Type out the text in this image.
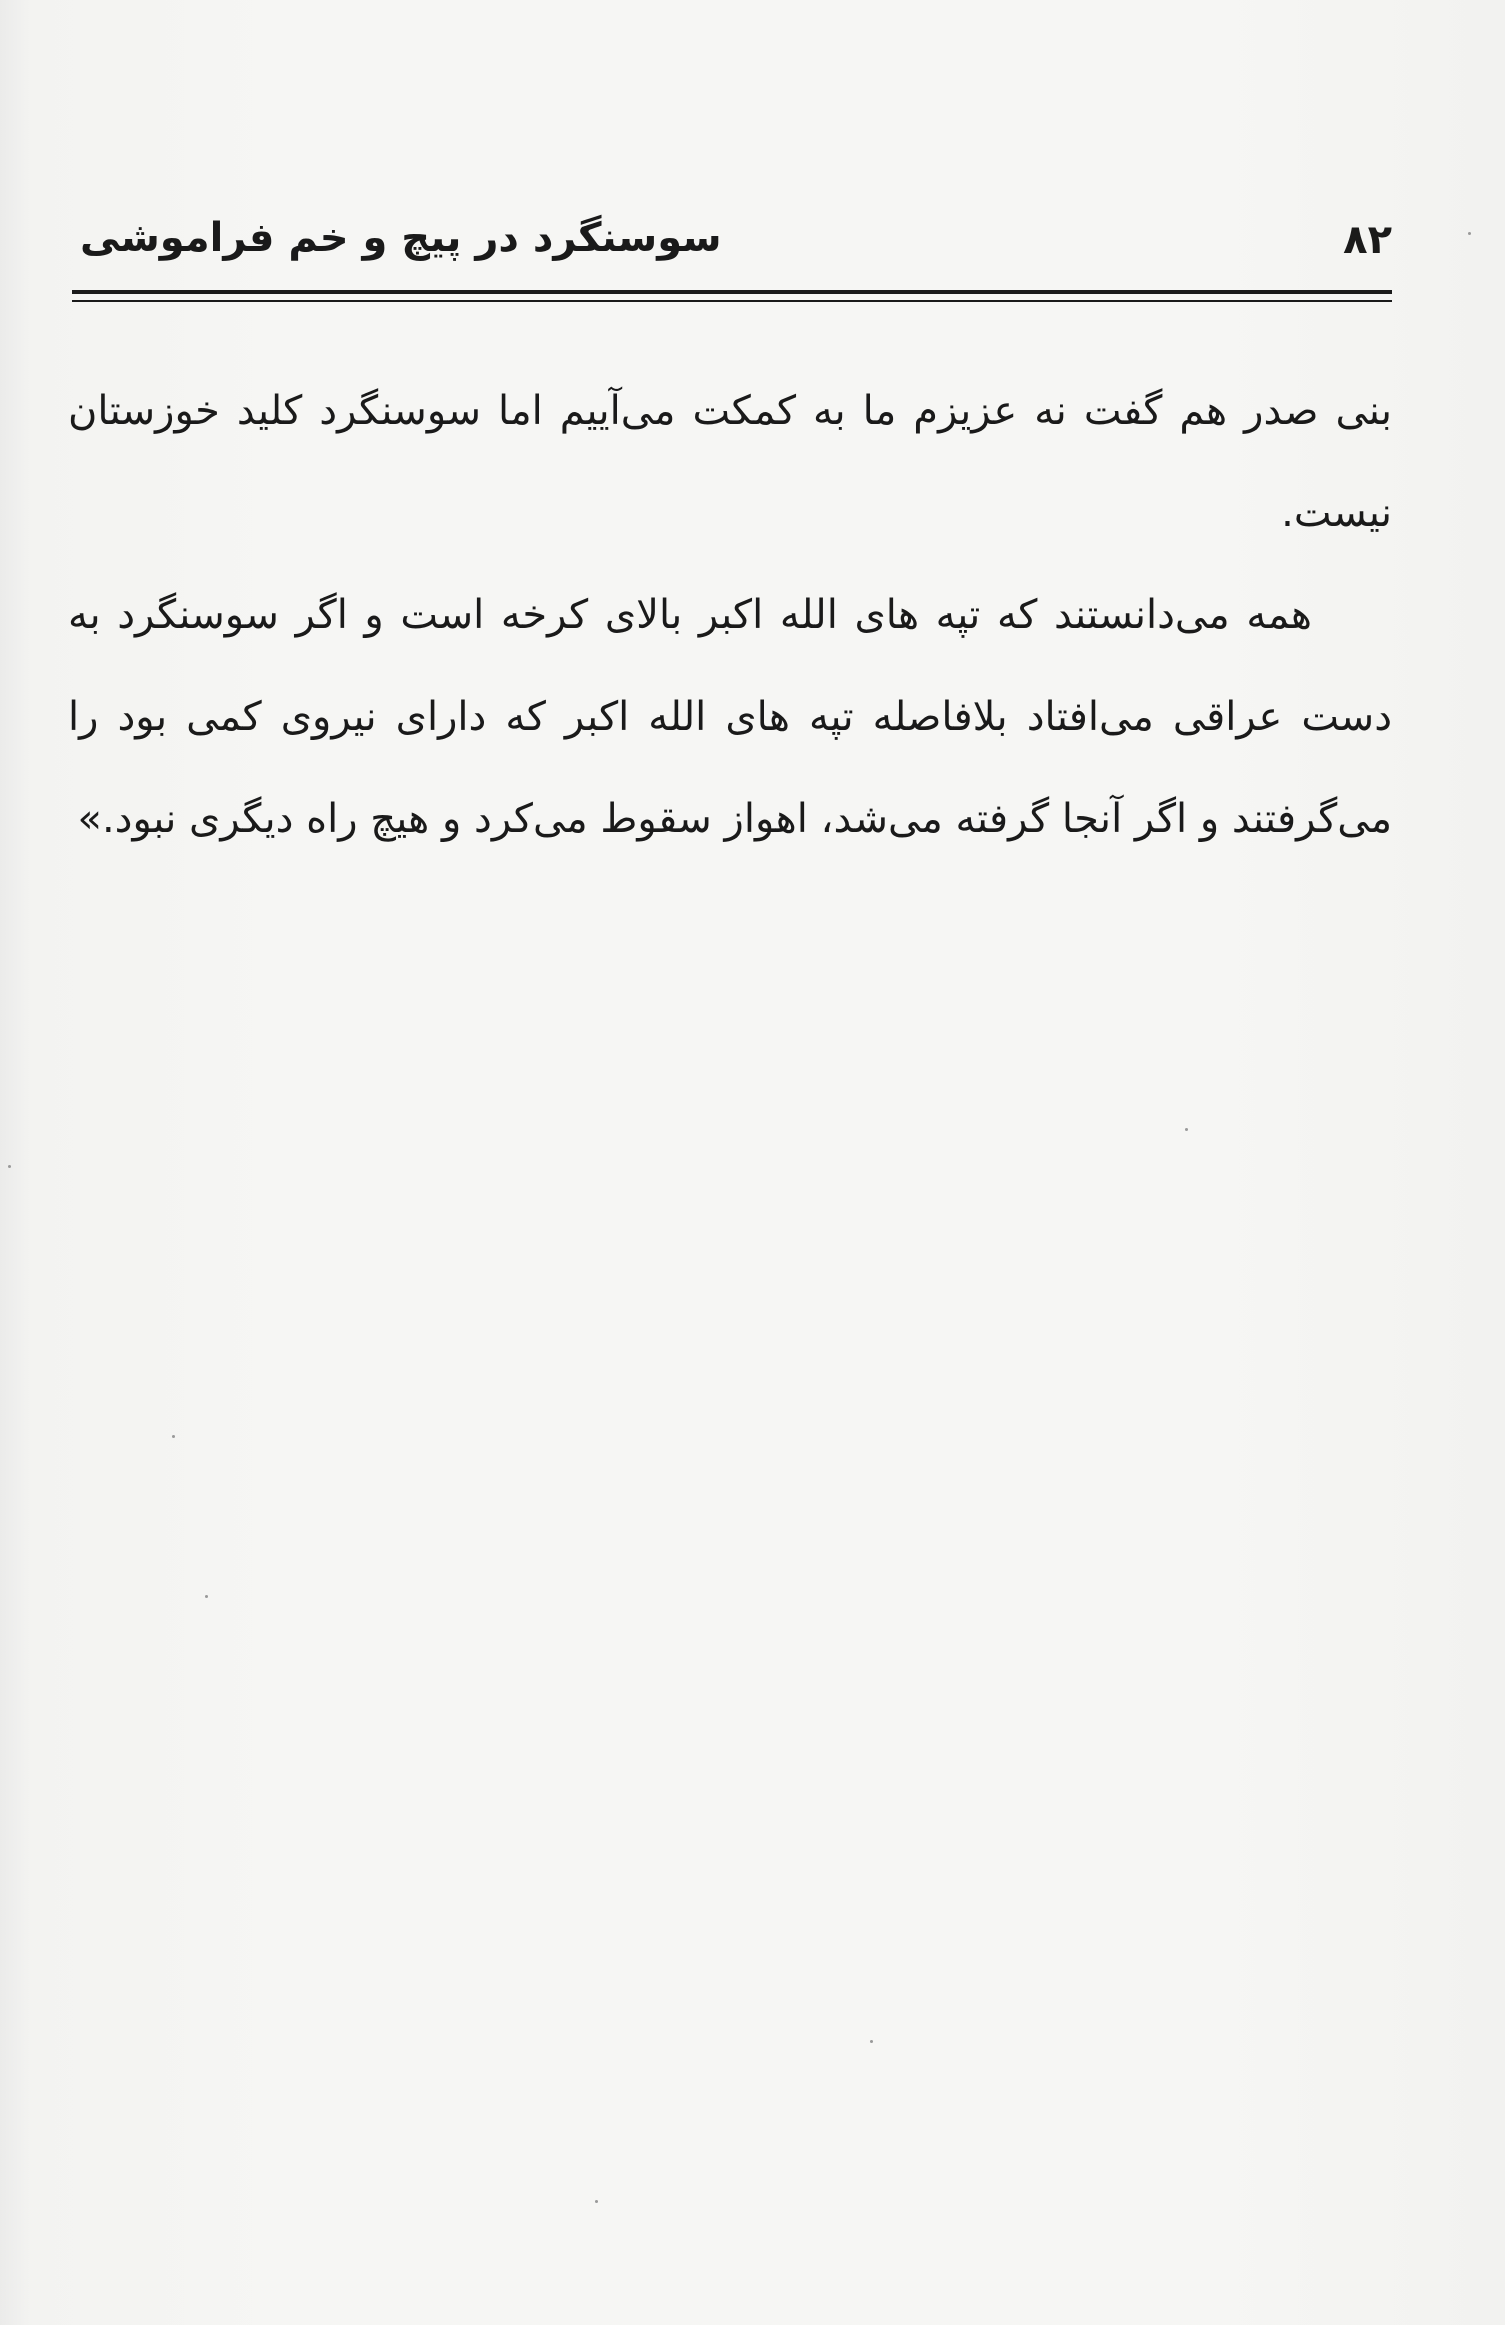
۸۲
سوسنگرد در پیچ و خم فراموشی

بنی صدر هم گفت نه عزیزم ما به کمکت می‌آییم اما سوسنگرد کلید خوزستان نیست.

همه می‌دانستند که تپه های الله اکبر بالای کرخه است و اگر سوسنگرد به دست عراقی می‌افتاد بلافاصله تپه های الله اکبر که دارای نیروی کمی بود را می‌گرفتند و اگر آنجا گرفته می‌شد، اهواز سقوط می‌کرد و هیچ راه دیگری نبود.»
